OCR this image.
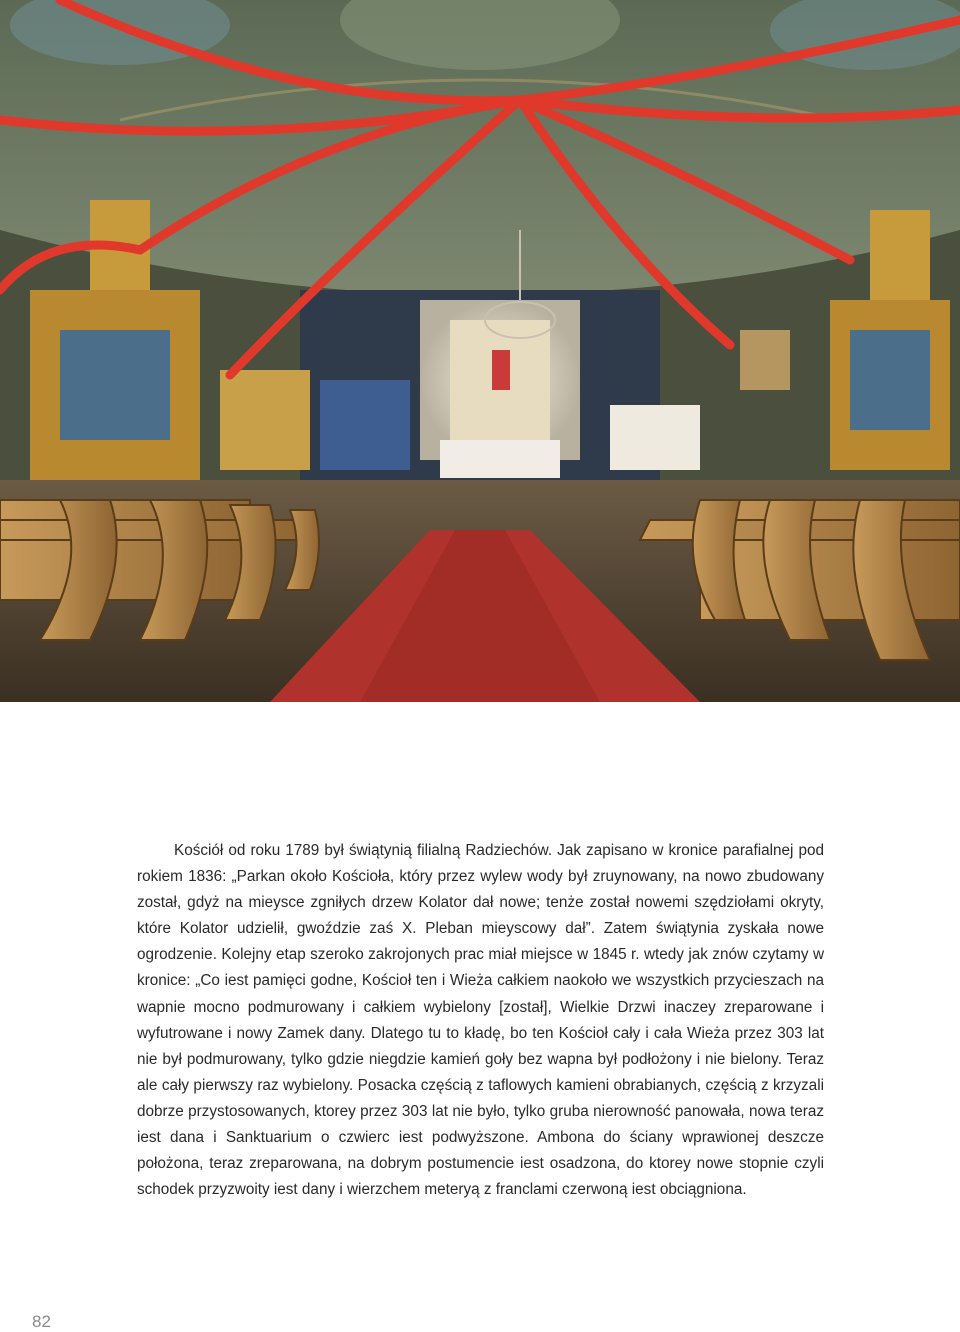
Kościół od roku 1789 był świątynią filialną Radziechów. Jak zapisano w kronice parafialnej pod rokiem 1836: „Parkan około Kościoła, który przez wylew wody był zruynowany, na nowo zbudowany został, gdyż na mieysce zgniłych drzew Kolator dał nowe; tenże został nowemi szędziołami okryty, które Kolator udzielił, gwoździe zaś X. Pleban mieyscowy dał”. Zatem świątynia zyskała nowe ogrodzenie. Kolejny etap szeroko zakrojonych prac miał miejsce w 1845 r. wtedy jak znów czytamy w kronice: „Co iest pamięci godne, Kościoł ten i Wieża całkiem naokoło we wszystkich przycieszach na wapnie mocno podmurowany i całkiem wybielony [został], Wielkie Drzwi inaczey zreparowane i wyfutrowane i nowy Zamek dany. Dlatego tu to kładę, bo ten Kościoł cały i cała Wieża przez 303 lat nie był podmurowany, tylko gdzie niegdzie kamień goły bez wapna był podłożony i nie bielony. Teraz ale cały pierwszy raz wybielony. Posacka częścią z taflowych kamieni obrabianych, częścią z krzyzali dobrze przystosowanych, ktorey przez 303 lat nie było, tylko gruba nierowność panowała, nowa teraz iest dana i Sanktuarium o czwierc iest podwyższone. Ambona do ściany wprawionej deszcze położona, teraz zreparowana, na dobrym postumencie iest osadzona, do ktorey nowe stopnie czyli schodek przyzwoity iest dany i wierzchem meteryą z franclami czerwoną iest obciągniona.

82
